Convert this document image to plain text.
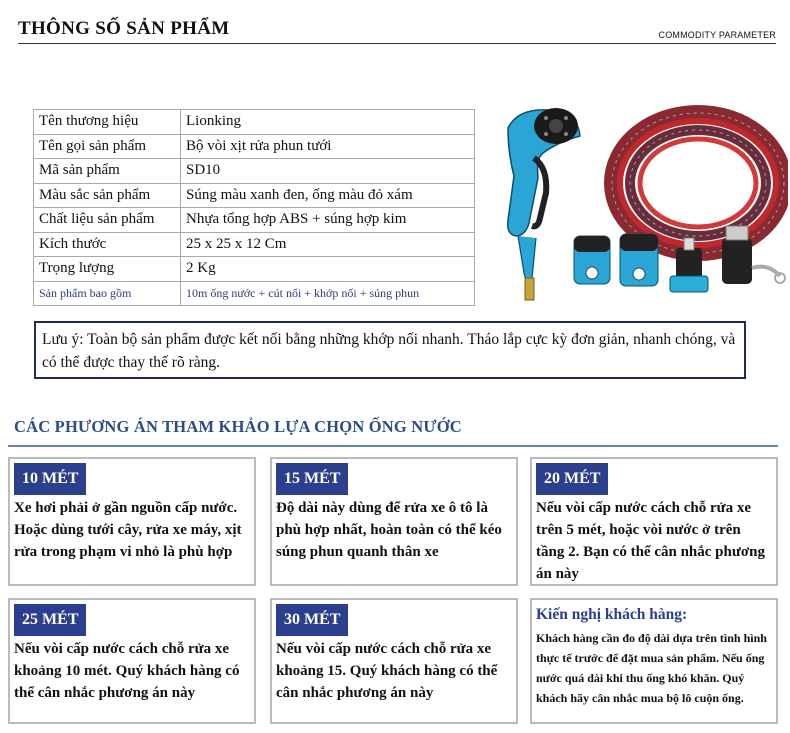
THÔNG SỐ SẢN PHẨM	COMMODITY PARAMETER
Tên thương hiệu	Lionking
Tên gọi sản phẩm	Bộ vòi xịt rửa phun tưới
Mã sản phẩm	SD10
Màu sắc sản phẩm	Súng màu xanh đen, ống màu đỏ xám
Chất liệu sản phẩm	Nhựa tổng hợp ABS + súng hợp kim
Kích thước	25 x 25 x 12 Cm
Trọng lượng	2 Kg
Sản phẩm bao gồm	10m ống nước + cút nối + khớp nối + súng phun
Lưu ý: Toàn bộ sản phẩm được kết nối bằng những khớp nối nhanh. Tháo lắp cực kỳ đơn giản, nhanh chóng, và có thể được thay thế rõ ràng.
CÁC PHƯƠNG ÁN THAM KHẢO LỰA CHỌN ỐNG NƯỚC
10 MÉT
Xe hơi phải ở gần nguồn cấp nước. Hoặc dùng tưới cây, rửa xe máy, xịt rửa trong phạm vi nhỏ là phù hợp
15 MÉT
Độ dài này dùng để rửa xe ô tô là phù hợp nhất, hoàn toàn có thể kéo súng phun quanh thân xe
20 MÉT
Nếu vòi cấp nước cách chỗ rửa xe trên 5 mét, hoặc vòi nước ở trên tầng 2. Bạn có thể cân nhắc phương án này
25 MÉT
Nếu vòi cấp nước cách chỗ rửa xe khoảng 10 mét. Quý khách hàng có thể cân nhắc phương án này
30 MÉT
Nếu vòi cấp nước cách chỗ rửa xe khoảng 15. Quý khách hàng có thể cân nhắc phương án này
Kiến nghị khách hàng:
Khách hàng cần đo độ dài dựa trên tình hình thực tế trước để đặt mua sản phẩm. Nếu ống nước quá dài khi thu ống khó khăn. Quý khách hãy cân nhắc mua bộ lô cuộn ống.
